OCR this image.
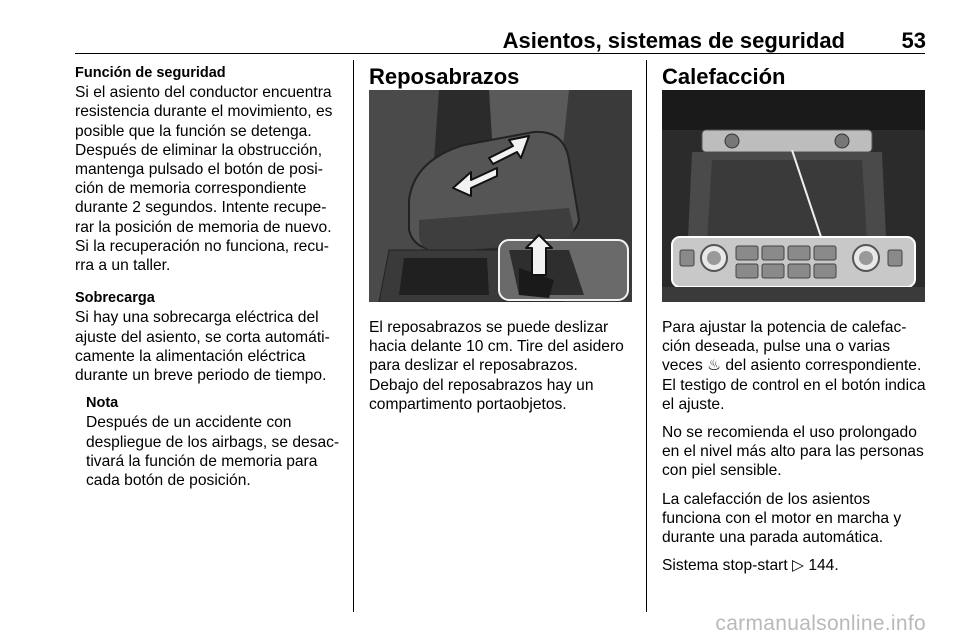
Asientos, sistemas de seguridad	53

Función de seguridad

Si el asiento del conductor encuentra

resistencia durante el movimiento, es

posible que la función se detenga.

Después de eliminar la obstrucción,

mantenga pulsado el botón de posi-

ción de memoria correspondiente

durante 2 segundos. Intente recupe-

rar la posición de memoria de nuevo.

Si la recuperación no funciona, recu-

rra a un taller.

Sobrecarga

Si hay una sobrecarga eléctrica del

ajuste del asiento, se corta automáti-

camente la alimentación eléctrica

durante un breve periodo de tiempo.

Nota

Después de un accidente con

despliegue de los airbags, se desac-

tivará la función de memoria para

cada botón de posición.

Reposabrazos

El reposabrazos se puede deslizar

hacia delante 10 cm. Tire del asidero

para deslizar el reposabrazos.

Debajo del reposabrazos hay un

compartimento portaobjetos.

Calefacción

Para ajustar la potencia de calefac-

ción deseada, pulse una o varias

veces ♨ del asiento correspondiente.

El testigo de control en el botón indica

el ajuste.

No se recomienda el uso prolongado

en el nivel más alto para las personas

con piel sensible.

La calefacción de los asientos

funciona con el motor en marcha y

durante una parada automática.

Sistema stop-start ▷ 144.

carmanualsonline.info
